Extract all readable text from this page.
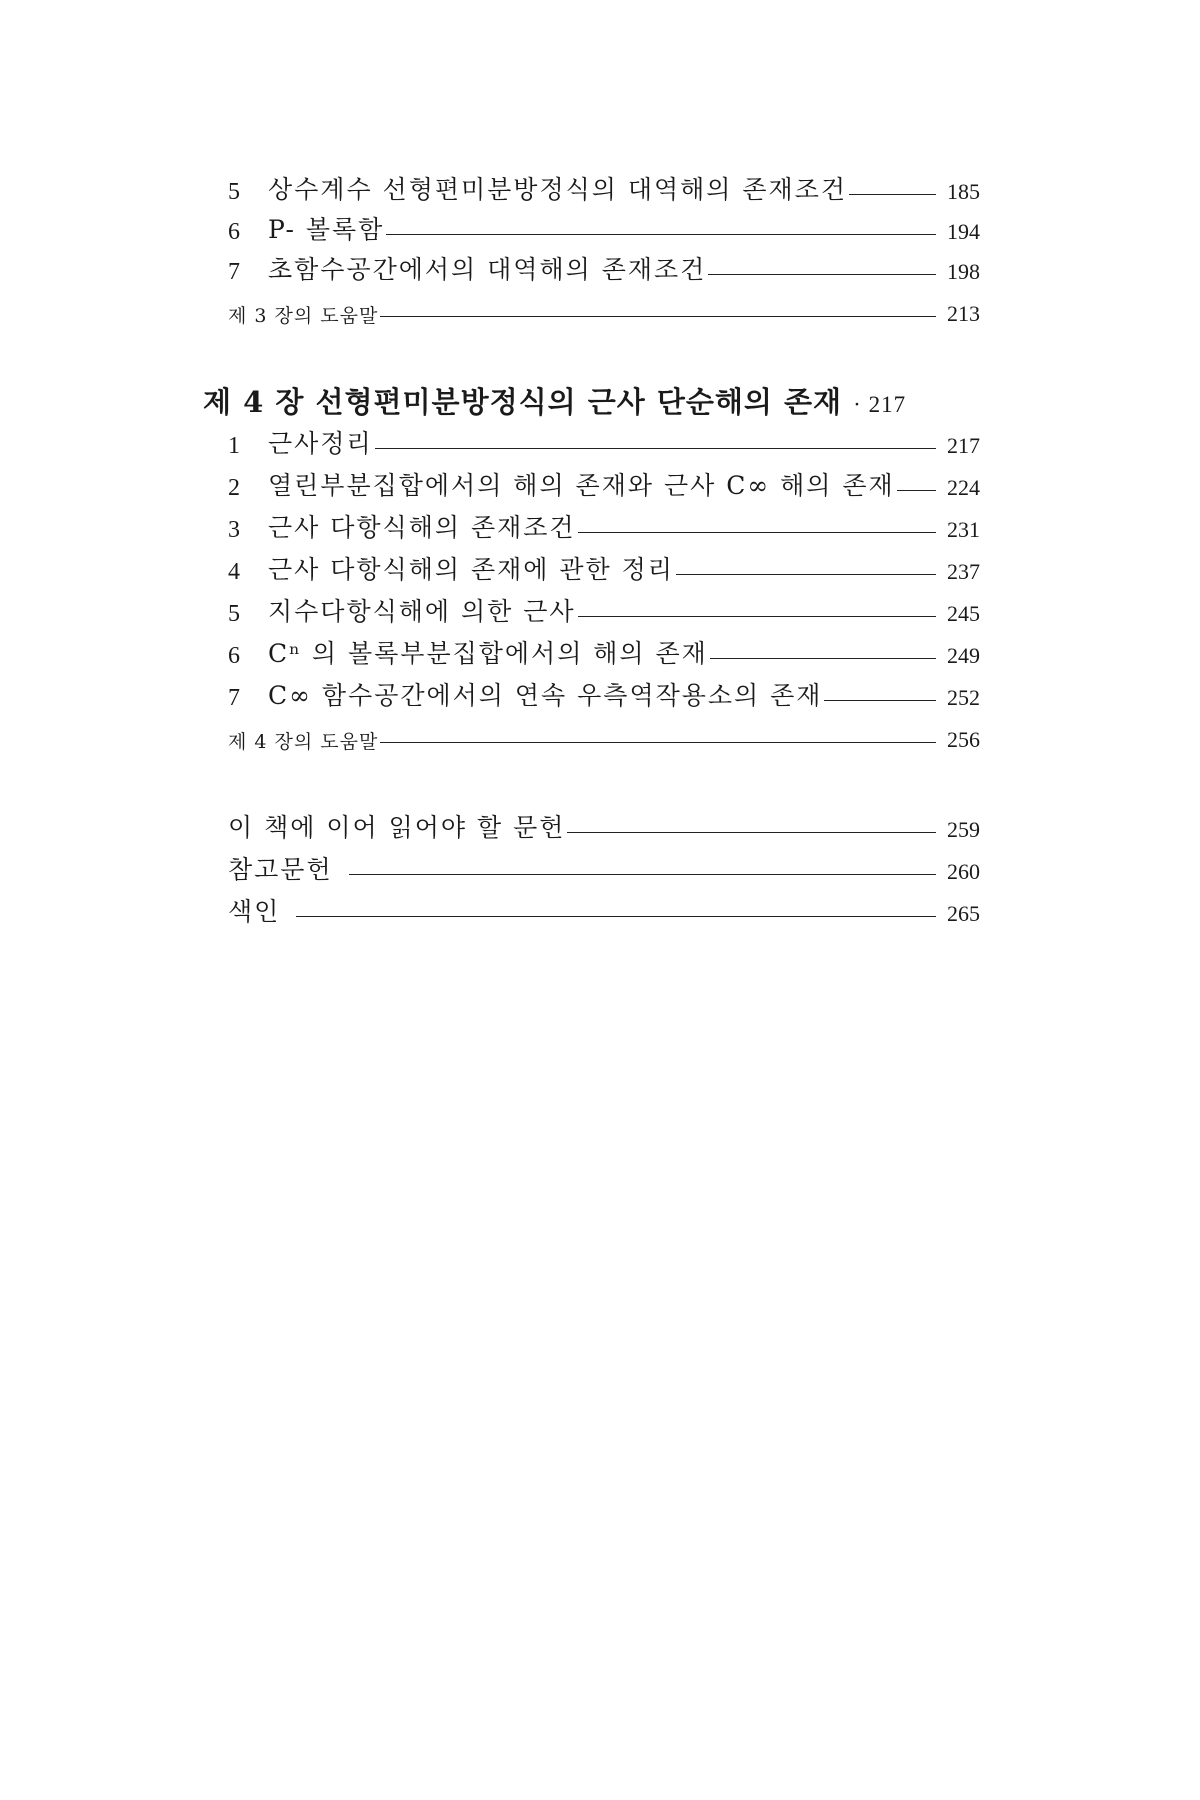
5	상수계수 선형편미분방정식의 대역해의 존재조건	185
6	P- 볼록함	194
7	초함수공간에서의 대역해의 존재조건	198
제 3 장의 도움말	213
제 4 장 선형편미분방정식의 근사 단순해의 존재 · 217
1	근사정리	217
2	열린부분집합에서의 해의 존재와 근사 C∞ 해의 존재	224
3	근사 다항식해의 존재조건	231
4	근사 다항식해의 존재에 관한 정리	237
5	지수다항식해에 의한 근사	245
6	Cⁿ 의 볼록부분집합에서의 해의 존재	249
7	C∞ 함수공간에서의 연속 우측역작용소의 존재	252
제 4 장의 도움말	256
이 책에 이어 읽어야 할 문헌	259
참고문헌	260
색인	265
